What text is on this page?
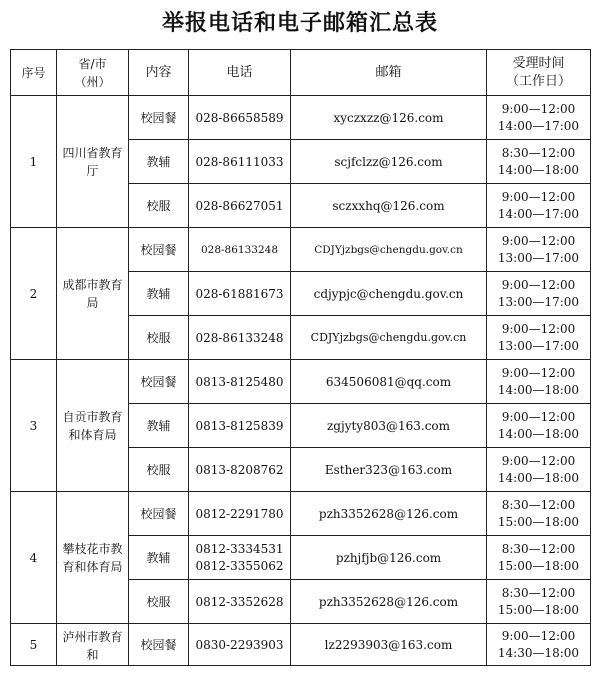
举报电话和电子邮箱汇总表
序号	省/市
（州）	内容	电话	邮箱	受理时间
（工作日）

1	四川省教育厅	校园餐	028-86658589	xyczxzz@126.com	9:00—12:00
14:00—17:00

		教辅	028-86111033	scjfclzz@126.com	8:30—12:00
14:00—18:00

		校服	028-86627051	sczxxhq@126.com	9:00—12:00
14:00—17:00

2	成都市教育局	校园餐	028-86133248	CDJYjzbgs@chengdu.gov.cn	9:00—12:00
13:00—17:00

		教辅	028-61881673	cdjypjc@chengdu.gov.cn	9:00—12:00
13:00—17:00

		校服	028-86133248	CDJYjzbgs@chengdu.gov.cn	9:00—12:00
13:00—17:00

3	自贡市教育和体育局	校园餐	0813-8125480	634506081@qq.com	9:00—12:00
14:00—18:00

		教辅	0813-8125839	zgjyty803@163.com	9:00—12:00
14:00—18:00

		校服	0813-8208762	Esther323@163.com	9:00—12:00
14:00—18:00

4	攀枝花市教育和体育局	校园餐	0812-2291780	pzh3352628@126.com	8:30—12:00
15:00—18:00

		教辅	0812-3334531
0812-3355062	pzhjfjb@126.com	8:30—12:00
15:00—18:00

		校服	0812-3352628	pzh3352628@126.com	8:30—12:00
15:00—18:00

5	泸州市教育和	校园餐	0830-2293903	lz2293903@163.com	9:00—12:00
14:30—18:00
